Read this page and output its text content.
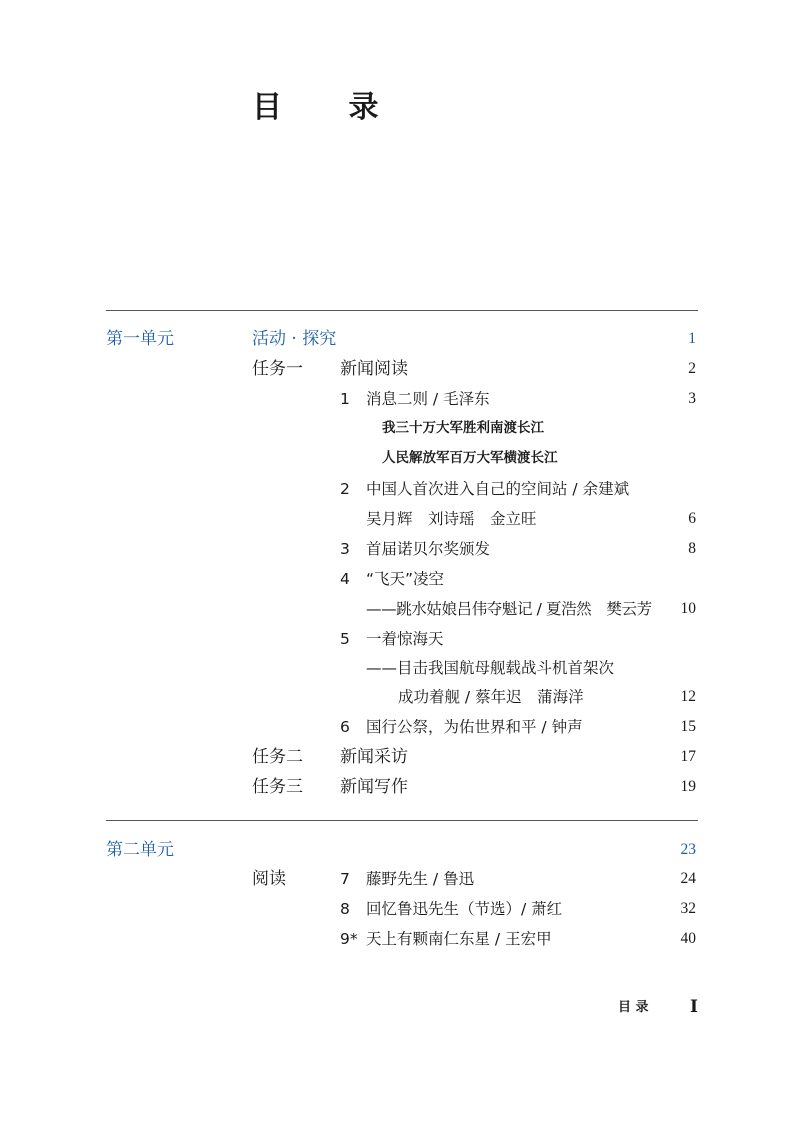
目 录
第一单元	活动 · 探究	1
任务一 新闻阅读	2
1 消息二则 / 毛泽东	3
我三十万大军胜利南渡长江
人民解放军百万大军横渡长江
2 中国人首次进入自己的空间站 / 余建斌
吴月辉　刘诗瑶　金立旺	6
3 首届诺贝尔奖颁发	8
4 “飞天”凌空
——跳水姑娘吕伟夺魁记 / 夏浩然　樊云芳 10
5 一着惊海天
——目击我国航母舰载战斗机首架次
成功着舰 / 蔡年迟　蒲海洋	12
6 国行公祭，为佑世界和平 / 钟声	15
任务二 新闻采访	17
任务三 新闻写作	19
第二单元	23
阅读	7 藤野先生 / 鲁迅	24
8 回忆鲁迅先生（节选）/ 萧红	32
9* 天上有颗南仁东星 / 王宏甲	40
目 录 I
